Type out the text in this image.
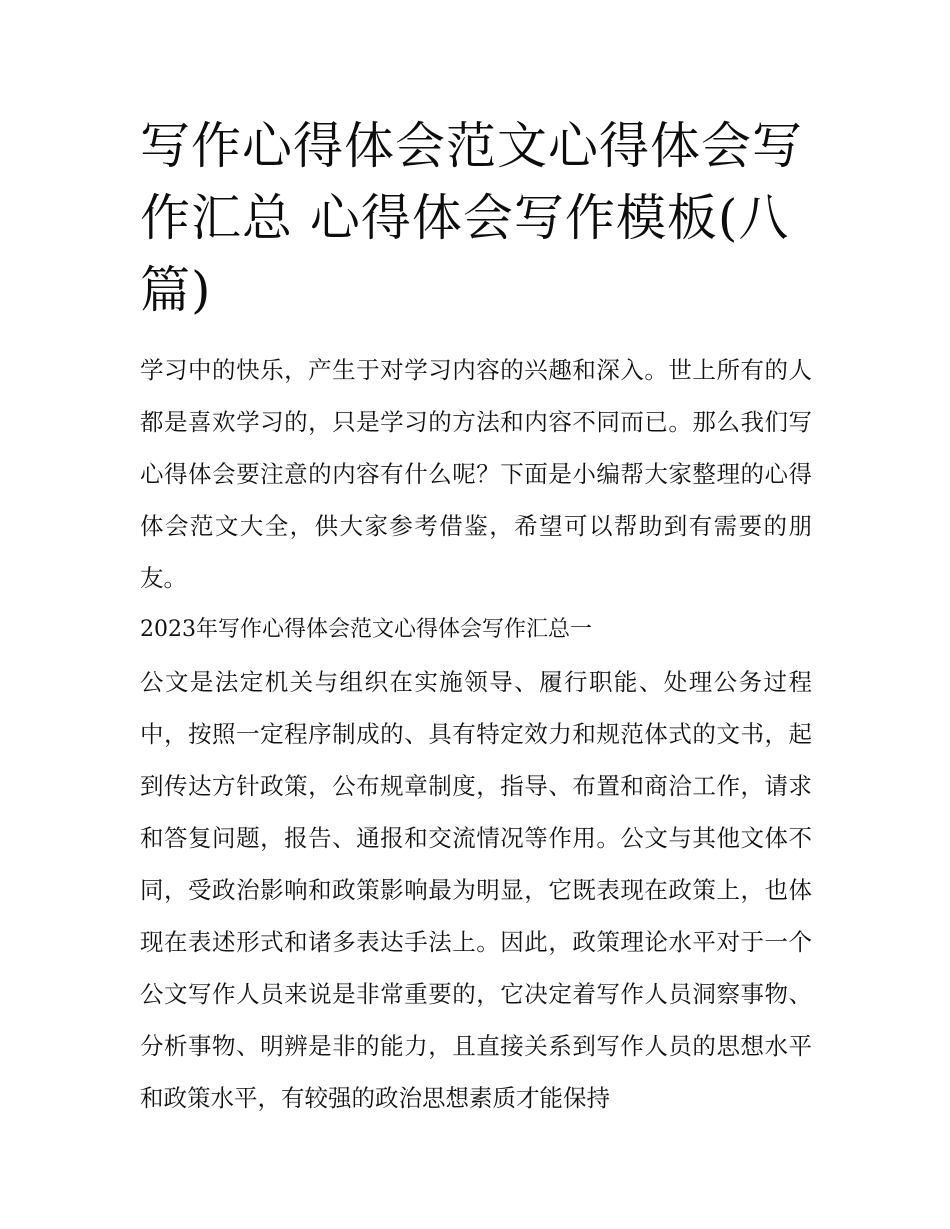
写作心得体会范文心得体会写作汇总 心得体会写作模板(八篇)

学习中的快乐，产生于对学习内容的兴趣和深入。世上所有的人都是喜欢学习的，只是学习的方法和内容不同而已。那么我们写心得体会要注意的内容有什么呢？下面是小编帮大家整理的心得体会范文大全，供大家参考借鉴，希望可以帮助到有需要的朋友。

2023年写作心得体会范文心得体会写作汇总一

公文是法定机关与组织在实施领导、履行职能、处理公务过程中，按照一定程序制成的、具有特定效力和规范体式的文书，起到传达方针政策，公布规章制度，指导、布置和商洽工作，请求和答复问题，报告、通报和交流情况等作用。公文与其他文体不同，受政治影响和政策影响最为明显，它既表现在政策上，也体现在表述形式和诸多表达手法上。因此，政策理论水平对于一个公文写作人员来说是非常重要的，它决定着写作人员洞察事物、分析事物、明辨是非的能力，且直接关系到写作人员的思想水平和政策水平，有较强的政治思想素质才能保持
